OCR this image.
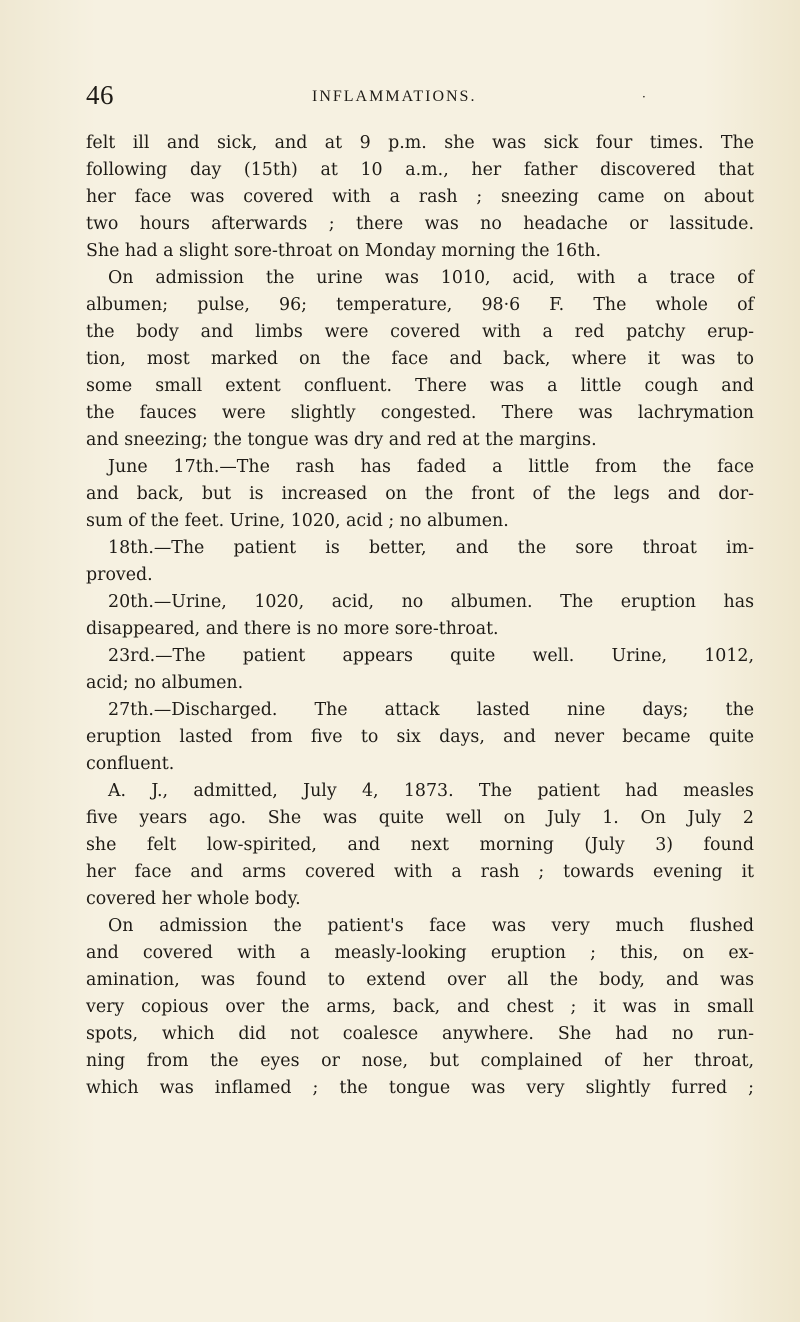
46	INFLAMMATIONS.	·
felt ill and sick, and at 9 p.m. she was sick four times. The
following day (15th) at 10 a.m., her father discovered that
her face was covered with a rash ; sneezing came on about
two hours afterwards ; there was no headache or lassitude.
She had a slight sore-throat on Monday morning the 16th.
On admission the urine was 1010, acid, with a trace of
albumen; pulse, 96; temperature, 98·6 F. The whole of
the body and limbs were covered with a red patchy erup-
tion, most marked on the face and back, where it was to
some small extent confluent. There was a little cough and
the fauces were slightly congested. There was lachrymation
and sneezing; the tongue was dry and red at the margins.
June 17th.—The rash has faded a little from the face
and back, but is increased on the front of the legs and dor-
sum of the feet. Urine, 1020, acid ; no albumen.
18th.—The patient is better, and the sore throat im-
proved.
20th.—Urine, 1020, acid, no albumen. The eruption has
disappeared, and there is no more sore-throat.
23rd.—The patient appears quite well. Urine, 1012,
acid; no albumen.
27th.—Discharged. The attack lasted nine days; the
eruption lasted from five to six days, and never became quite
confluent.
A. J., admitted, July 4, 1873. The patient had measles
five years ago. She was quite well on July 1. On July 2
she felt low-spirited, and next morning (July 3) found
her face and arms covered with a rash ; towards evening it
covered her whole body.
On admission the patient's face was very much flushed
and covered with a measly-looking eruption ; this, on ex-
amination, was found to extend over all the body, and was
very copious over the arms, back, and chest ; it was in small
spots, which did not coalesce anywhere. She had no run-
ning from the eyes or nose, but complained of her throat,
which was inflamed ; the tongue was very slightly furred ;
